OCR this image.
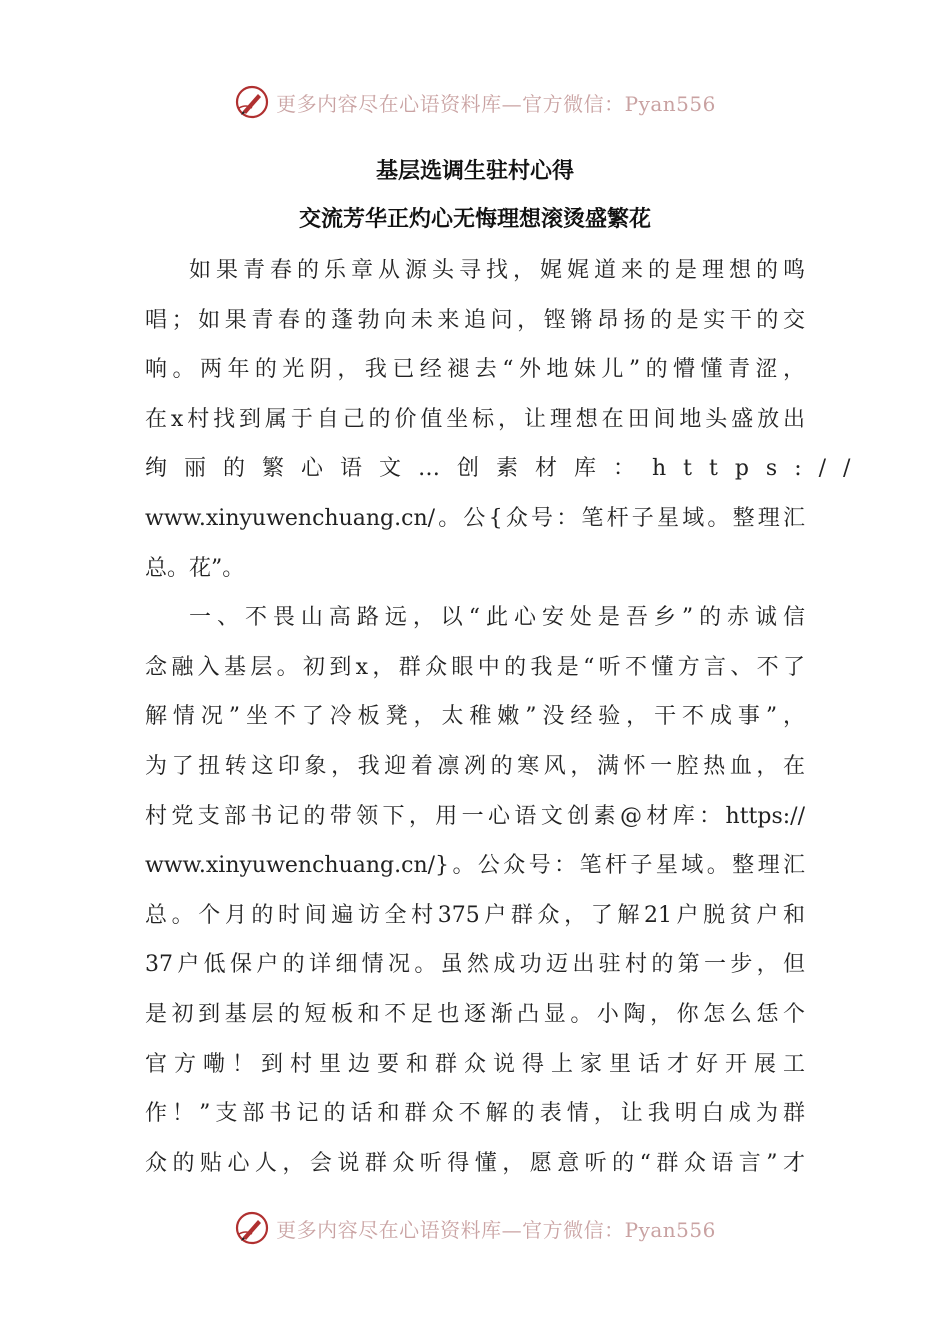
更多内容尽在心语资料库—官方微信：Pyan556
基层选调生驻村心得
交流芳华正灼心无悔理想滚烫盛繁花
如果青春的乐章从源头寻找，娓娓道来的是理想的鸣
唱；如果青春的蓬勃向未来追问，铿锵昂扬的是实干的交
响。两年的光阴，我已经褪去“外地妹儿”的懵懂青涩，
在x村找到属于自己的价值坐标，让理想在田间地头盛放出
绚丽的繁心语文…创素材库：https://
www.xinyuwenchuang.cn/。公{众号：笔杆子星域。整理汇
总。花”。
一、不畏山高路远，以“此心安处是吾乡”的赤诚信
念融入基层。初到x，群众眼中的我是“听不懂方言、不了
解情况”坐不了冷板凳，太稚嫩”没经验，干不成事”，
为了扭转这印象，我迎着凛冽的寒风，满怀一腔热血，在
村党支部书记的带领下，用一心语文创素@材库：https://
www.xinyuwenchuang.cn/}。公众号：笔杆子星域。整理汇
总。个月的时间遍访全村375户群众，了解21户脱贫户和
37户低保户的详细情况。虽然成功迈出驻村的第一步，但
是初到基层的短板和不足也逐渐凸显。小陶，你怎么恁个
官方嘞！到村里边要和群众说得上家里话才好开展工
作！”支部书记的话和群众不解的表情，让我明白成为群
众的贴心人，会说群众听得懂，愿意听的“群众语言”才
更多内容尽在心语资料库—官方微信：Pyan556
